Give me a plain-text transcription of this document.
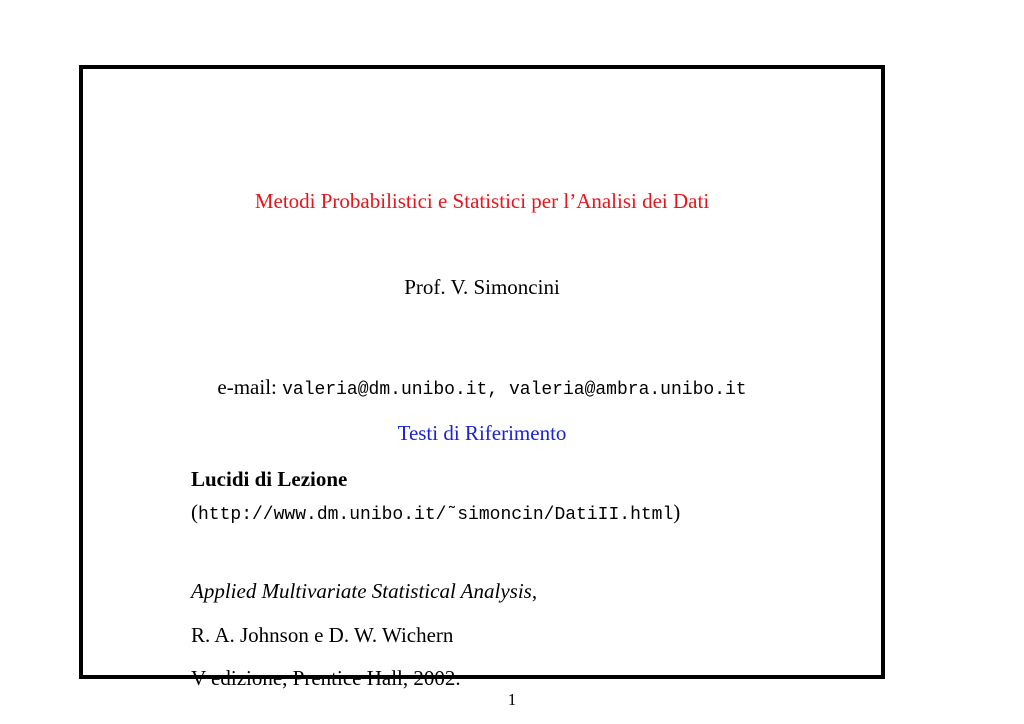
Metodi Probabilistici e Statistici per l’Analisi dei Dati
Prof. V. Simoncini
e-mail: valeria@dm.unibo.it, valeria@ambra.unibo.it
Testi di Riferimento
Lucidi di Lezione
(http://www.dm.unibo.it/˜simoncin/DatiII.html)
Applied Multivariate Statistical Analysis,
R. A. Johnson e D. W. Wichern
V edizione, Prentice Hall, 2002.
1
